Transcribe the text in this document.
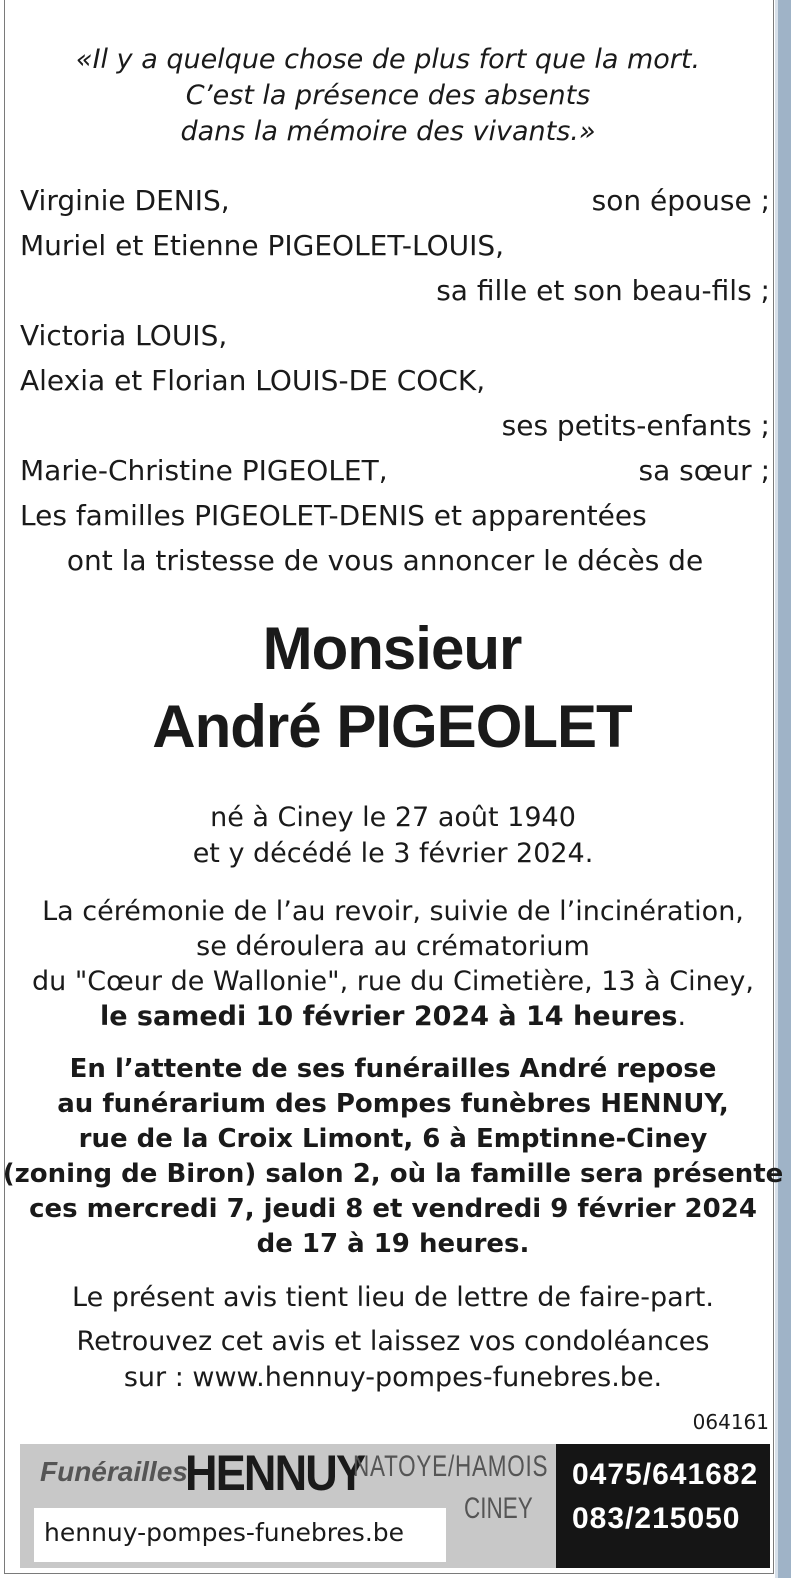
«Il y a quelque chose de plus fort que la mort.
C’est la présence des absents
dans la mémoire des vivants.»
Virginie DENIS,	son épouse ;
Muriel et Etienne PIGEOLET-LOUIS,
sa fille et son beau-fils ;
Victoria LOUIS,
Alexia et Florian LOUIS-DE COCK,
ses petits-enfants ;
Marie-Christine PIGEOLET,	sa sœur ;
Les familles PIGEOLET-DENIS et apparentées
ont la tristesse de vous annoncer le décès de
Monsieur
André PIGEOLET
né à Ciney le 27 août 1940
et y décédé le 3 février 2024.
La cérémonie de l’au revoir, suivie de l’incinération,
se déroulera au crématorium
du "Cœur de Wallonie", rue du Cimetière, 13 à Ciney,
le samedi 10 février 2024 à 14 heures.
En l’attente de ses funérailles André repose
au funérarium des Pompes funèbres HENNUY,
rue de la Croix Limont, 6 à Emptinne-Ciney
(zoning de Biron) salon 2, où la famille sera présente
ces mercredi 7, jeudi 8 et vendredi 9 février 2024
de 17 à 19 heures.
Le présent avis tient lieu de lettre de faire-part.
Retrouvez cet avis et laissez vos condoléances
sur : www.hennuy-pompes-funebres.be.
064161
Funérailles
HENNUY
NATOYE/HAMOIS
CINEY
hennuy-pompes-funebres.be
0475/641682
083/215050
